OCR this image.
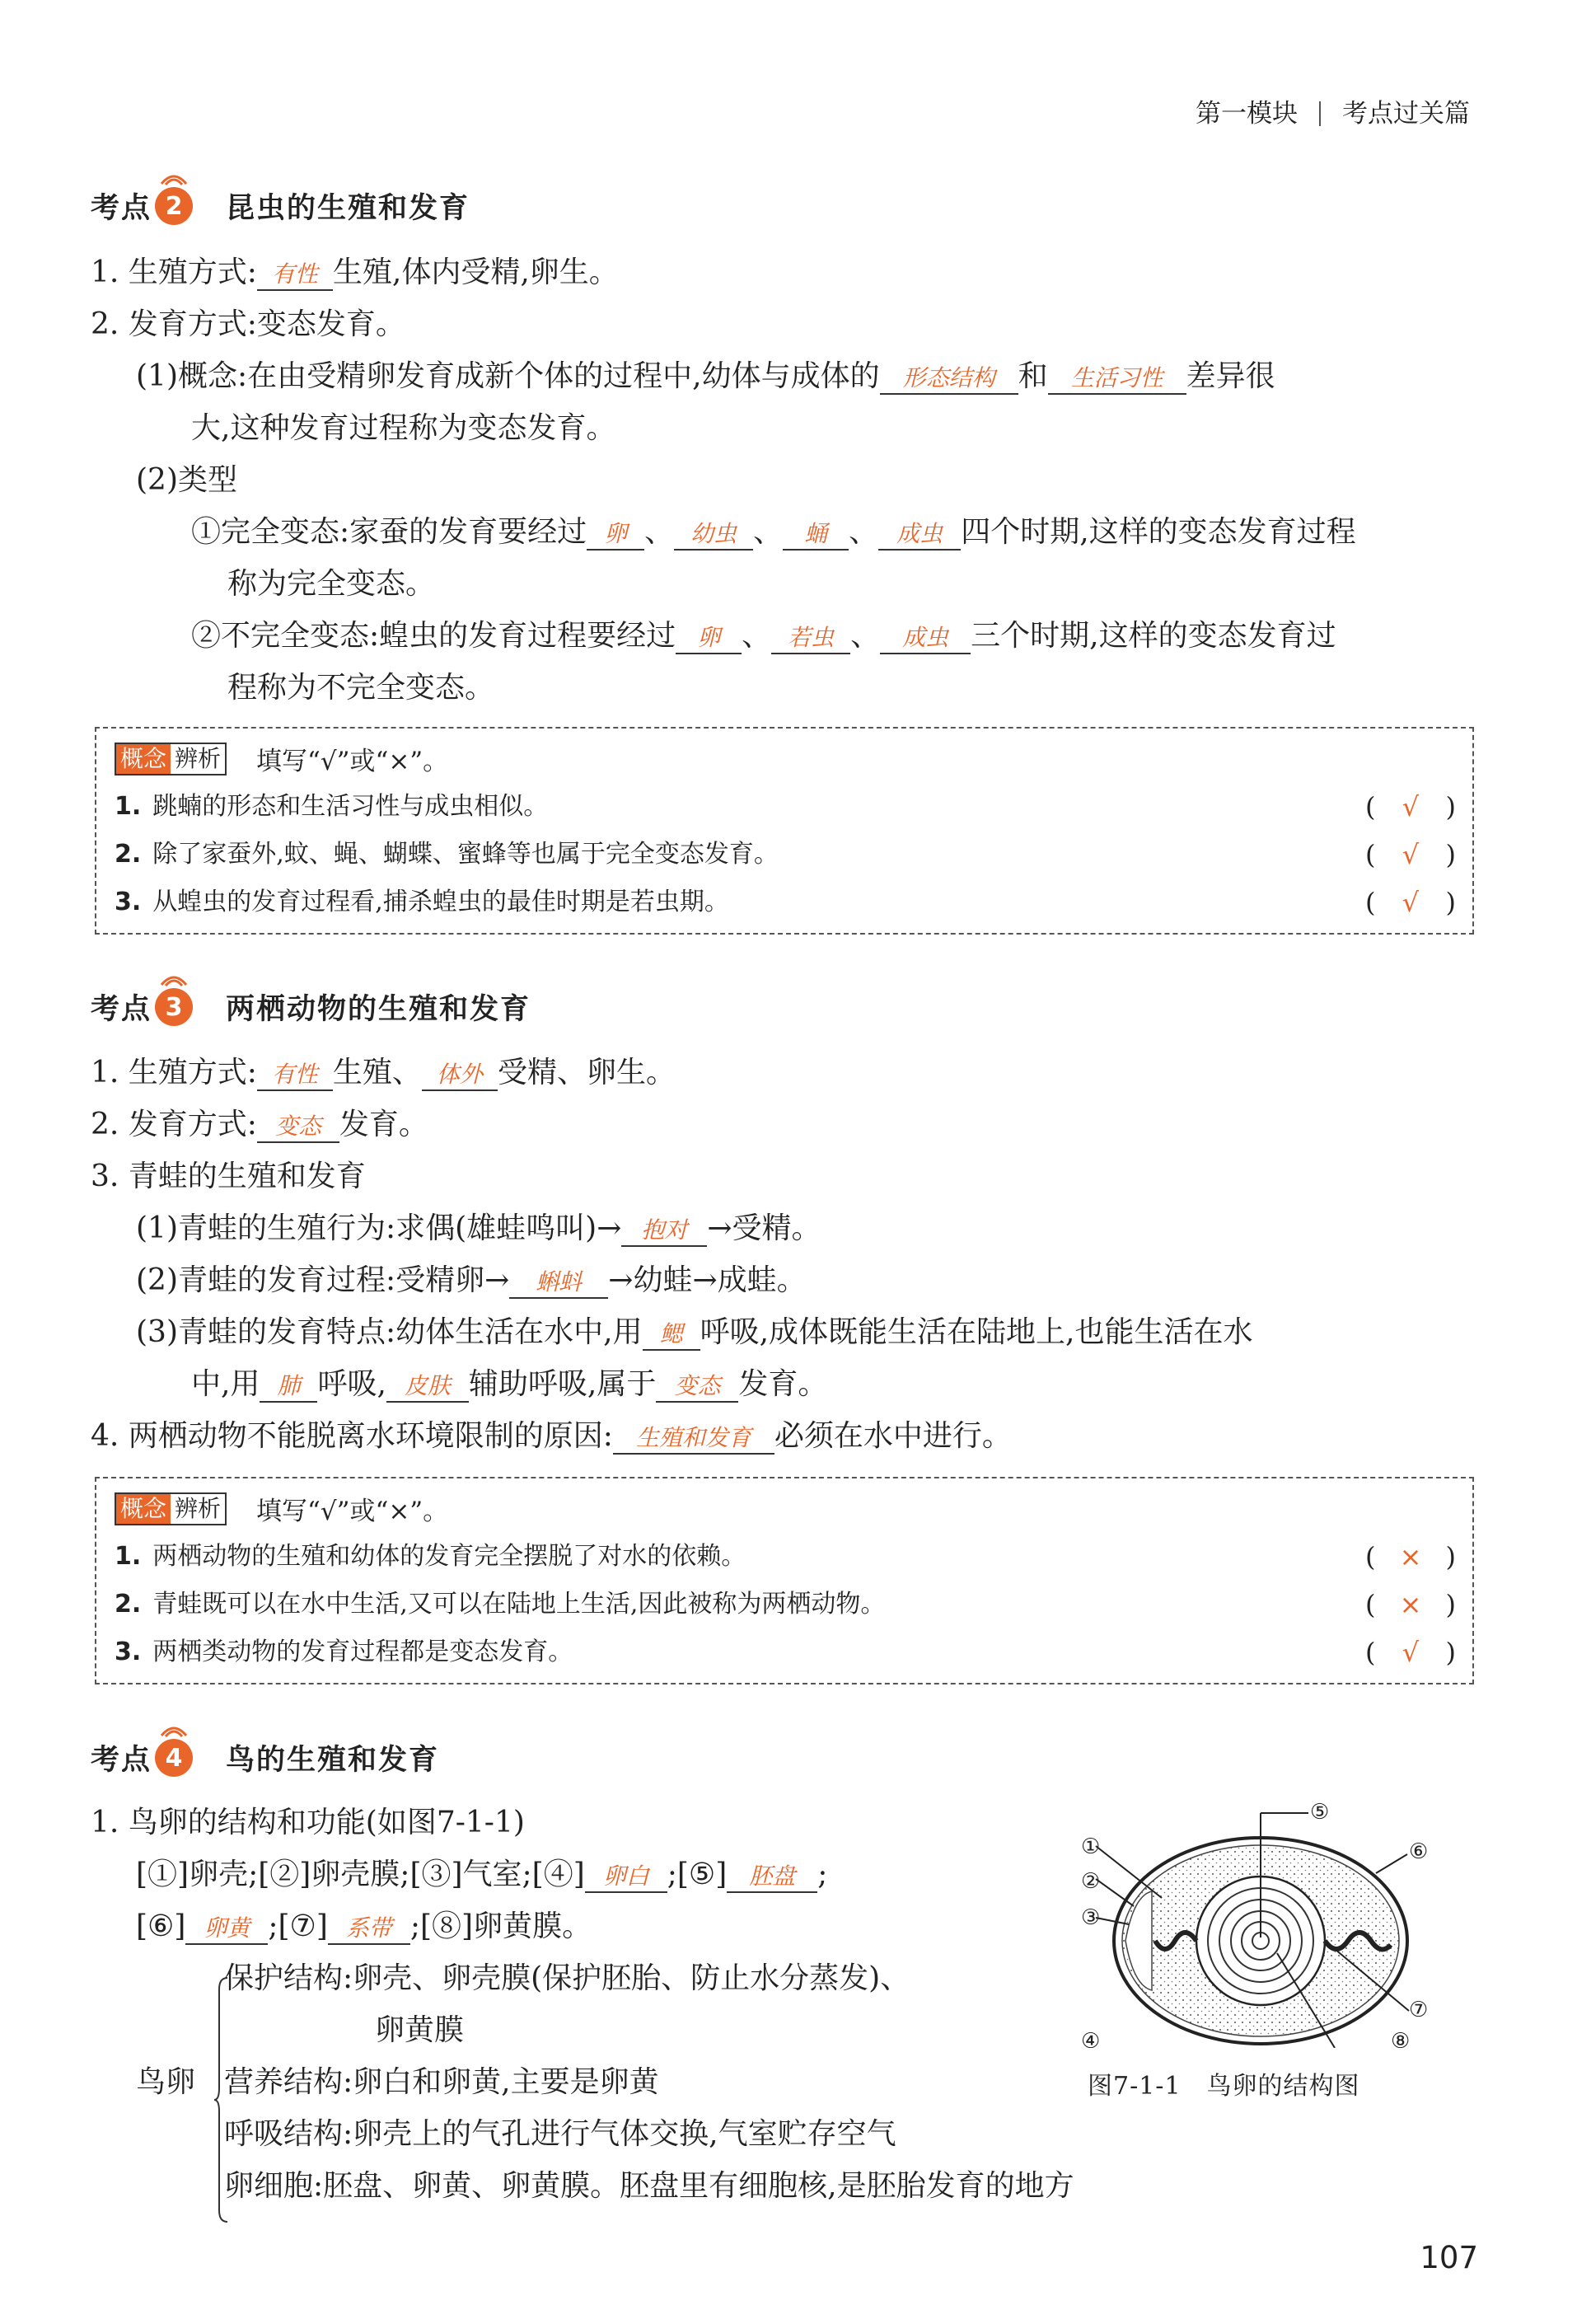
第一模块 考点过关篇
考点 2 昆虫的生殖和发育
1. 生殖方式: 有性 生殖,体内受精,卵生。
2. 发育方式:变态发育。
(1)概念:在由受精卵发育成新个体的过程中,幼体与成体的 形态结构 和 生活习性 差异很
大,这种发育过程称为变态发育。
(2)类型
①完全变态:家蚕的发育要经过 卵 、 幼虫 、 蛹 、 成虫 四个时期,这样的变态发育过程
称为完全变态。
②不完全变态:蝗虫的发育过程要经过 卵 、 若虫 、 成虫 三个时期,这样的变态发育过
程称为不完全变态。
概念 辨析 填写“√”或“×”。
1. 跳蝻的形态和生活习性与成虫相似。	( √ )
2. 除了家蚕外,蚊、蝇、蝴蝶、蜜蜂等也属于完全变态发育。	( √ )
3. 从蝗虫的发育过程看,捕杀蝗虫的最佳时期是若虫期。	( √ )
考点 3 两栖动物的生殖和发育
1. 生殖方式: 有性 生殖、 体外 受精、卵生。
2. 发育方式: 变态 发育。
3. 青蛙的生殖和发育
(1)青蛙的生殖行为:求偶(雄蛙鸣叫)→ 抱对 →受精。
(2)青蛙的发育过程:受精卵→ 蝌蚪 →幼蛙→成蛙。
(3)青蛙的发育特点:幼体生活在水中,用 鳃 呼吸,成体既能生活在陆地上,也能生活在水
中,用 肺 呼吸, 皮肤 辅助呼吸,属于 变态 发育。
4. 两栖动物不能脱离水环境限制的原因: 生殖和发育 必须在水中进行。
概念 辨析 填写“√”或“×”。
1. 两栖动物的生殖和幼体的发育完全摆脱了对水的依赖。	( × )
2. 青蛙既可以在水中生活,又可以在陆地上生活,因此被称为两栖动物。	( × )
3. 两栖类动物的发育过程都是变态发育。	( √ )
考点 4 鸟的生殖和发育
1. 鸟卵的结构和功能(如图7-1-1)
[①]卵壳;[②]卵壳膜;[③]气室;[④] 卵白 ;[⑤] 胚盘 ;
[⑥] 卵黄 ;[⑦] 系带 ;[⑧]卵黄膜。
鸟卵
保护结构:卵壳、卵壳膜(保护胚胎、防止水分蒸发)、
卵黄膜
营养结构:卵白和卵黄,主要是卵黄
呼吸结构:卵壳上的气孔进行气体交换,气室贮存空气
卵细胞:胚盘、卵黄、卵黄膜。胚盘里有细胞核,是胚胎发育的地方
①
②
③
④
⑤
⑥
⑦
⑧
图7-1-1　鸟卵的结构图
107
